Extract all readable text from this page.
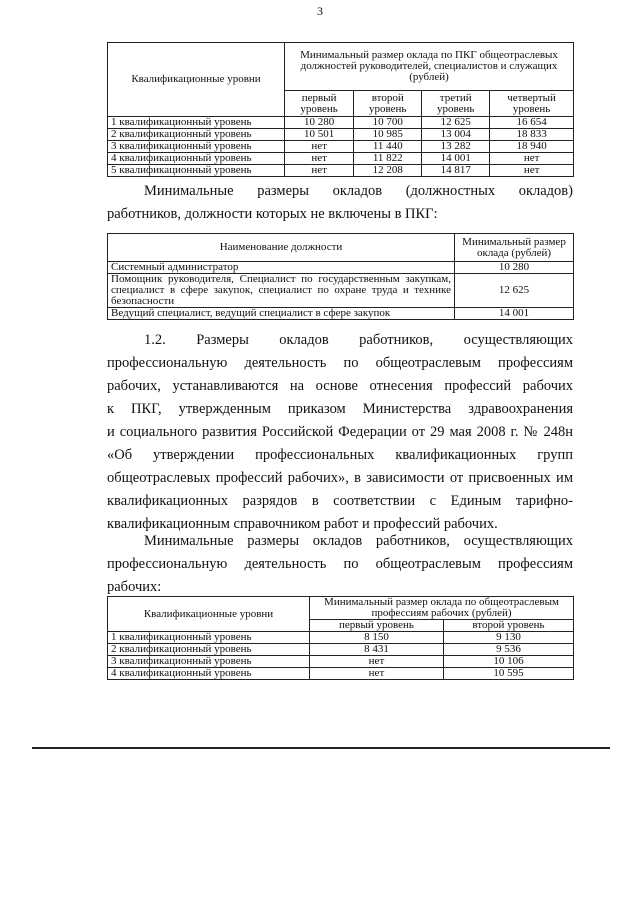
3
Квалификационные уровни	Минимальный размер оклада по ПКГ общеотраслевых должностей руководителей, специалистов и служащих (рублей)			
	первый уровень	второй уровень	третий уровень	четвертый уровень
1 квалификационный уровень	10 280	10 700	12 625	16 654
2 квалификационный уровень	10 501	10 985	13 004	18 833
3 квалификационный уровень	нет	11 440	13 282	18 940
4 квалификационный уровень	нет	11 822	14 001	нет
5 квалификационный уровень	нет	12 208	14 817	нет
Минимальные размеры окладов (должностных окладов)
работников, должности которых не включены в ПКГ:
Наименование должности	Минимальный размер оклада (рублей)
Системный администратор	10 280
Помощник руководителя, Специалист по государственным закупкам, специалист в сфере закупок, специалист по охране труда и технике безопасности	12 625
Ведущий специалист, ведущий специалист в сфере закупок	14 001
1.2. Размеры окладов работников, осуществляющих
профессиональную деятельность по общеотраслевым профессиям
рабочих, устанавливаются на основе отнесения профессий рабочих
к ПКГ, утвержденным приказом Министерства здравоохранения
и социального развития Российской Федерации от 29 мая 2008 г. № 248н
«Об утверждении профессиональных квалификационных групп
общеотраслевых профессий рабочих», в зависимости от присвоенных им
квалификационных разрядов в соответствии с Единым тарифно-
квалификационным справочником работ и профессий рабочих.
Минимальные размеры окладов работников, осуществляющих
профессиональную деятельность по общеотраслевым профессиям
рабочих:
Квалификационные уровни	Минимальный размер оклада по общеотраслевым профессиям рабочих (рублей)	
	первый уровень	второй уровень
1 квалификационный уровень	8 150	9 130
2 квалификационный уровень	8 431	9 536
3 квалификационный уровень	нет	10 106
4 квалификационный уровень	нет	10 595
